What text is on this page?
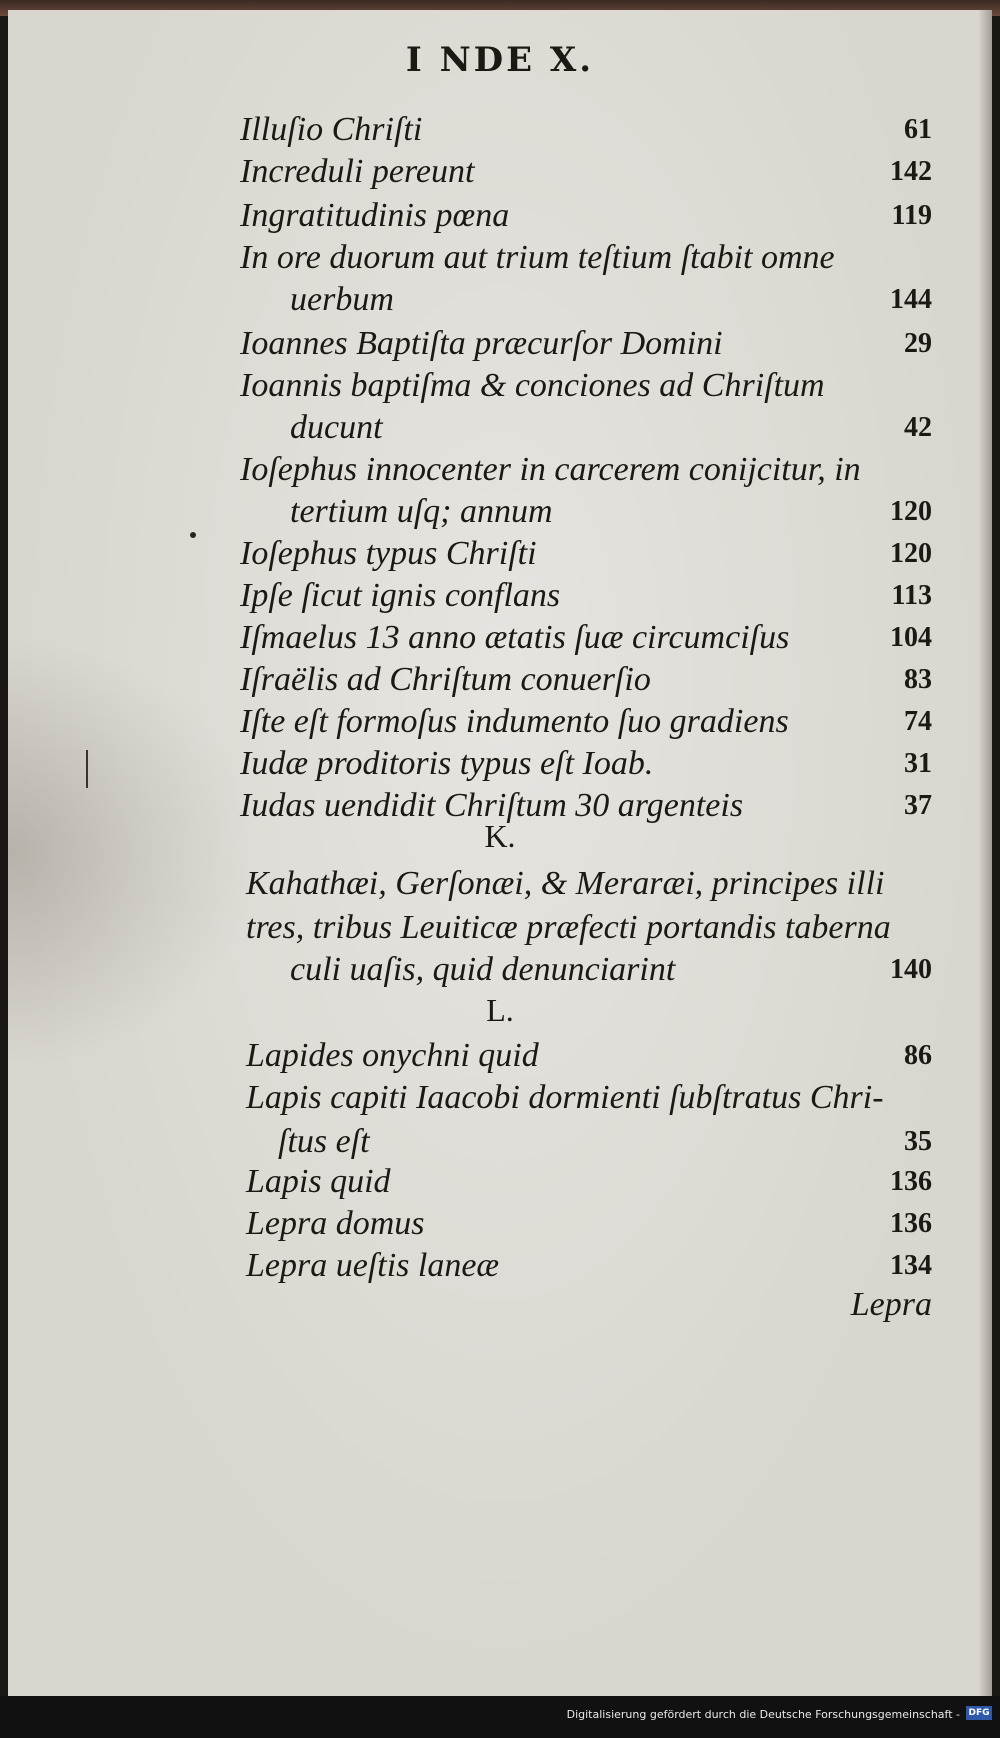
I NDE X.
Illuſio Chriſti	61
Increduli pereunt	142
Ingratitudinis pœna	119
In ore duorum aut trium teſtium ſtabit omne
uerbum	144
Ioannes Baptiſta præcurſor Domini	29
Ioannis baptiſma & conciones ad Chriſtum
ducunt	42
Ioſephus innocenter in carcerem conijcitur, in
tertium uſq; annum	120
Ioſephus typus Chriſti	120
Ipſe ſicut ignis conflans	113
Iſmaelus 13 anno ætatis ſuæ circumciſus	104
Iſraëlis ad Chriſtum conuerſio	83
Iſte eſt formoſus indumento ſuo gradiens	74
Iudæ proditoris typus eſt Ioab.	31
Iudas uendidit Chriſtum 30 argenteis	37
Kahathæi, Gerſonæi, & Meraræi, principes illi
tres, tribus Leuiticæ præfecti portandis taberna
culi uaſis, quid denunciarint	140
Lapides onychni quid	86
Lapis capiti Iaacobi dormienti ſubſtratus Chri-
ſtus eſt	35
Lapis quid	136
Lepra domus	136
Lepra ueſtis laneæ	134
K.
L.
Lepra
Digitalisierung gefördert durch die Deutsche Forschungsgemeinschaft - DFG
